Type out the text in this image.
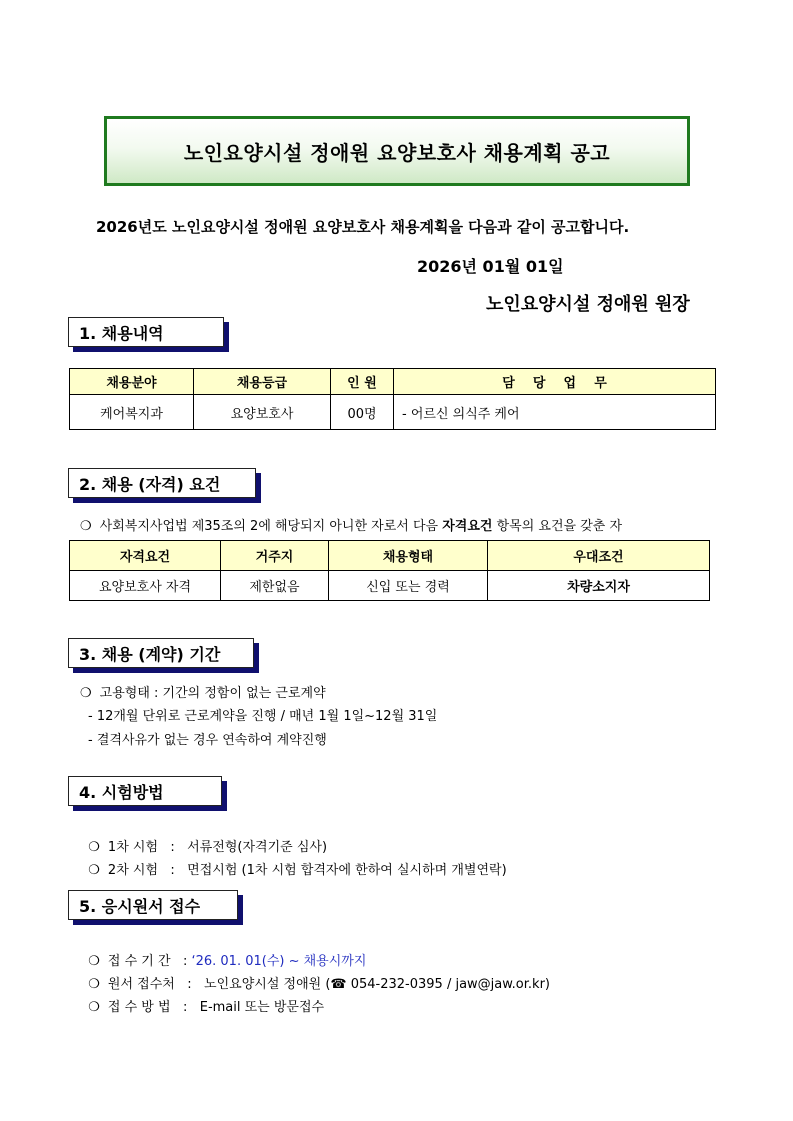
노인요양시설 정애원 요양보호사 채용계획 공고
2026년도 노인요양시설 정애원 요양보호사 채용계획을 다음과 같이 공고합니다.
2026년 01월 01일
노인요양시설 정애원 원장
1. 채용내역
채용분야	채용등급	인 원	담    당    업    무
케어복지과	요양보호사	00명	- 어르신 의식주 케어
2. 채용 (자격) 요건
❍ 사회복지사업법 제35조의 2에 해당되지 아니한 자로서 다음 자격요건 항목의 요건을 갖춘 자
자격요건	거주지	채용형태	우대조건
요양보호사 자격	제한없음	신입 또는 경력	차량소지자
3. 채용 (계약) 기간
❍ 고용형태 : 기간의 정함이 없는 근로계약
- 12개월 단위로 근로계약을 진행 / 매년 1월 1일~12월 31일
- 결격사유가 없는 경우 연속하여 계약진행
4. 시험방법

❍ 1차 시험   :   서류전형(자격기준 심사)

❍ 2차 시험   :   면접시험 (1차 시험 합격자에 한하여 실시하며 개별연락)

5. 응시원서 접수

❍ 접 수 기 간   : ‘26. 01. 01(수) ~ 채용시까지

❍ 원서 접수처   :   노인요양시설 정애원 (☎ 054-232-0395 / jaw@jaw.or.kr)

❍ 접 수 방 법   :   E-mail 또는 방문접수
